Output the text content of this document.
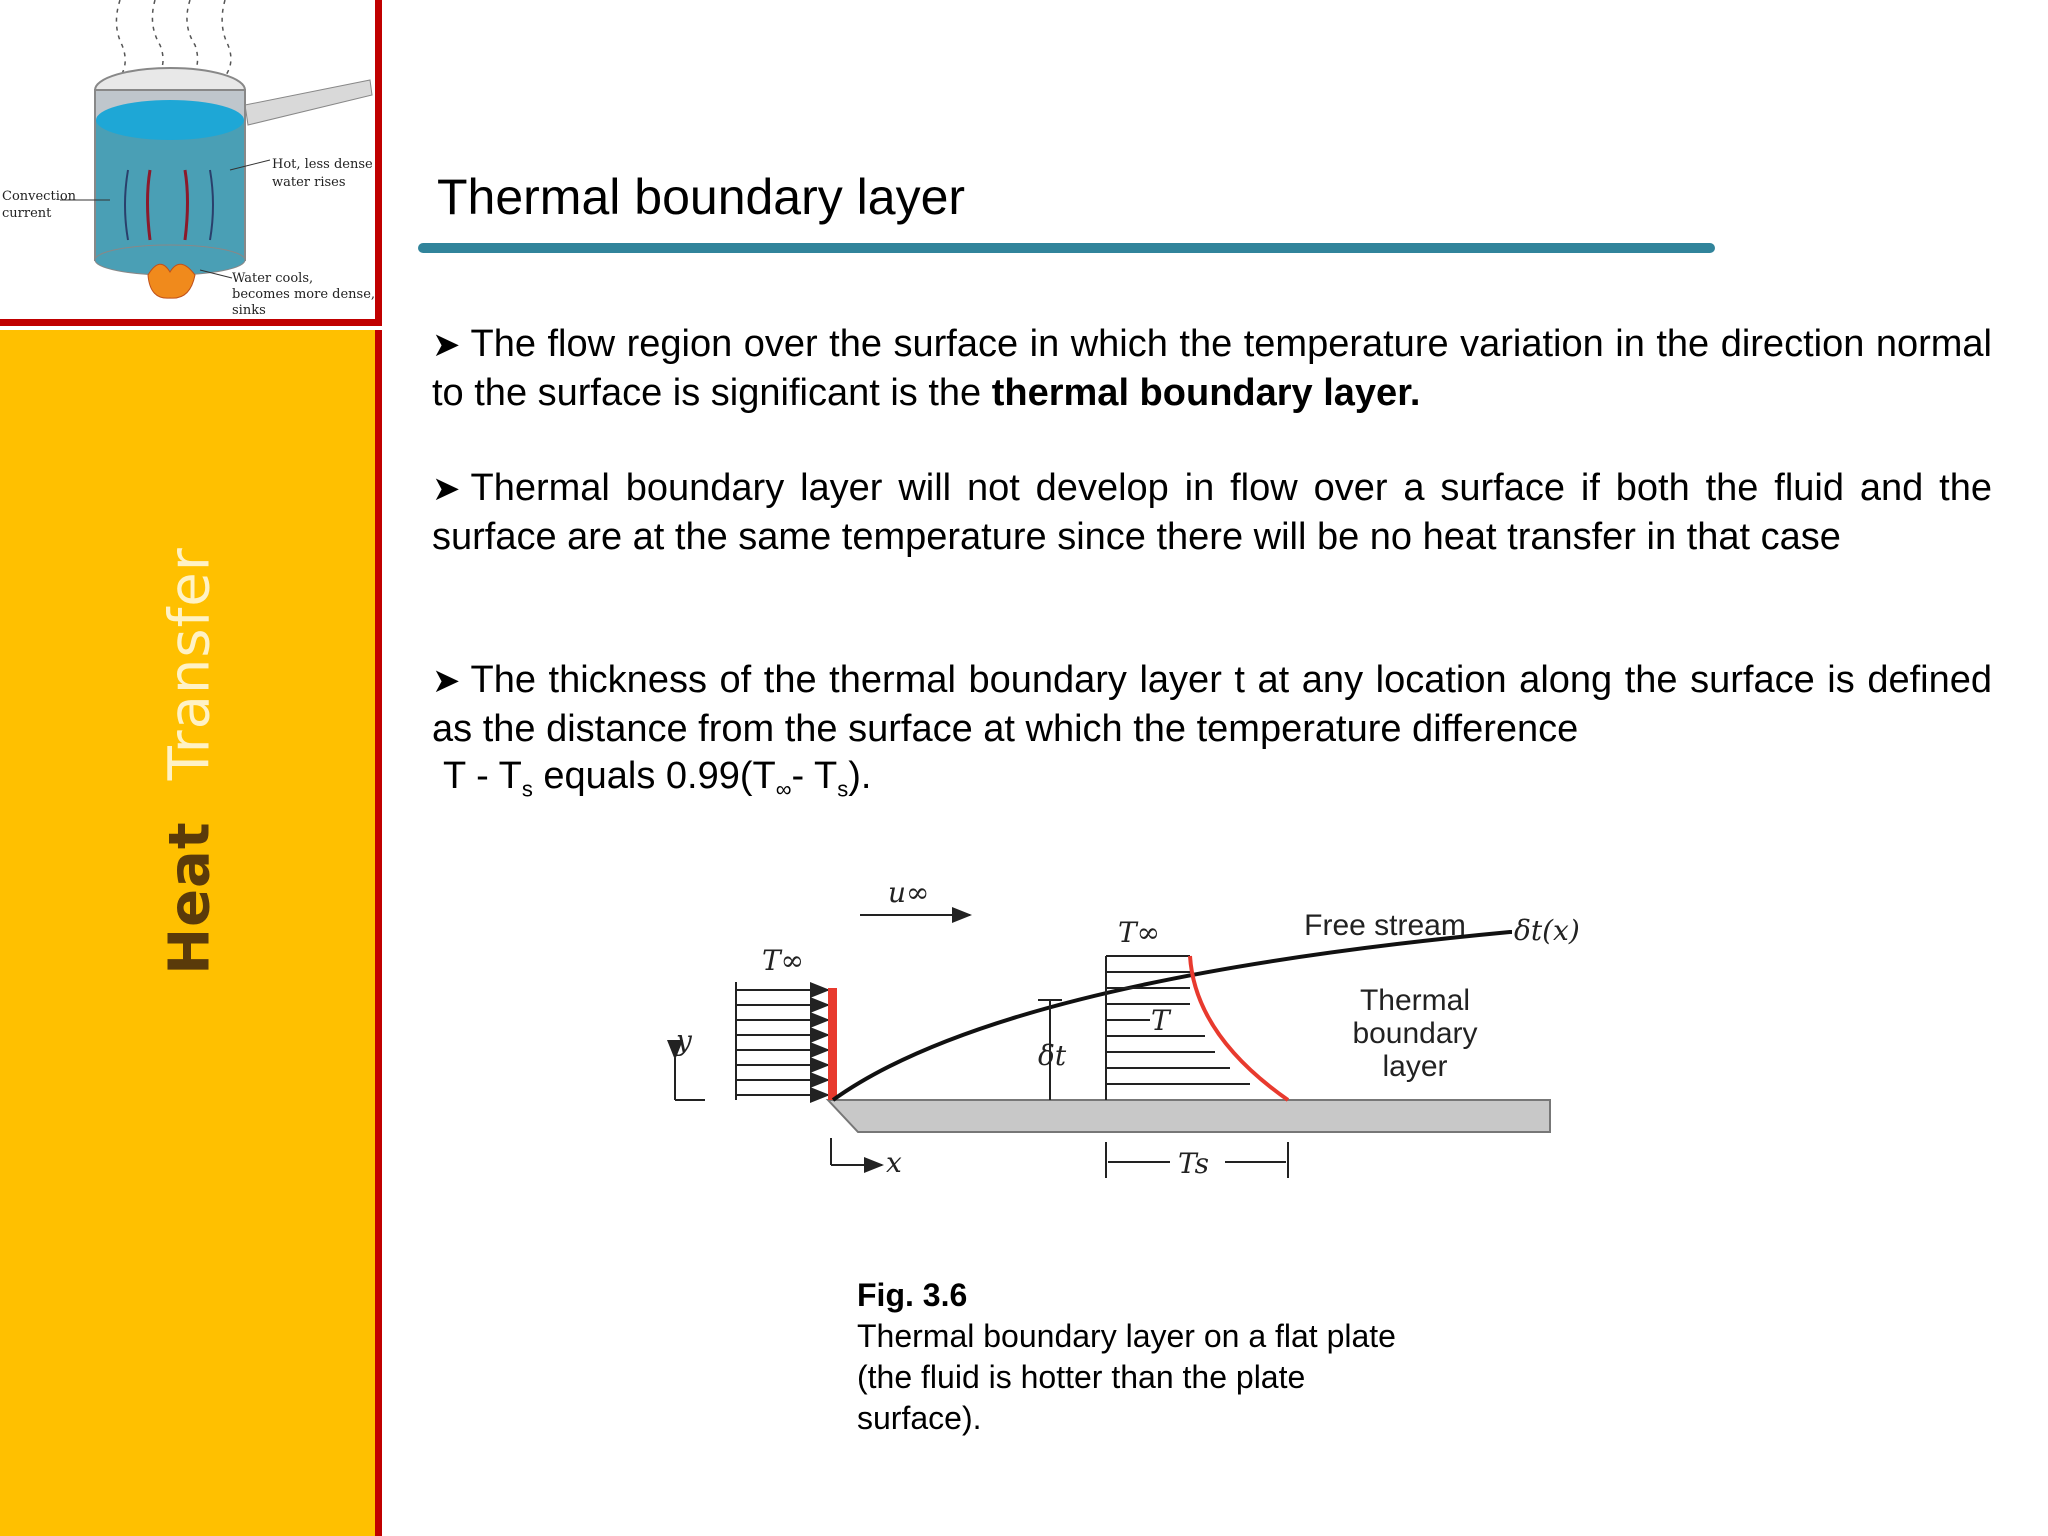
Convection
current
Hot, less dense
water rises
Water cools,
becomes more dense,
sinks
Heat  Transfer
Thermal boundary layer
➤ The flow region over the surface in which the temperature variation in the direction normal to the surface is significant is the thermal boundary layer.
➤ Thermal boundary layer will not develop in flow over a surface if both the fluid and the surface are at the same temperature since there will be no heat transfer in that case
➤ The thickness of the thermal boundary layer t at any location along the surface is defined as the distance from the surface at which the temperature difference
T - $T_s$ equals $0.99(T_\infty-$ $T_s$).
u∞
T∞
T∞	δt(x)
y
x
δt
T
Ts
Free stream
Thermal
boundary
layer
Fig. 3.6
Thermal boundary layer on a flat plate
(the fluid is hotter than the plate
surface).
